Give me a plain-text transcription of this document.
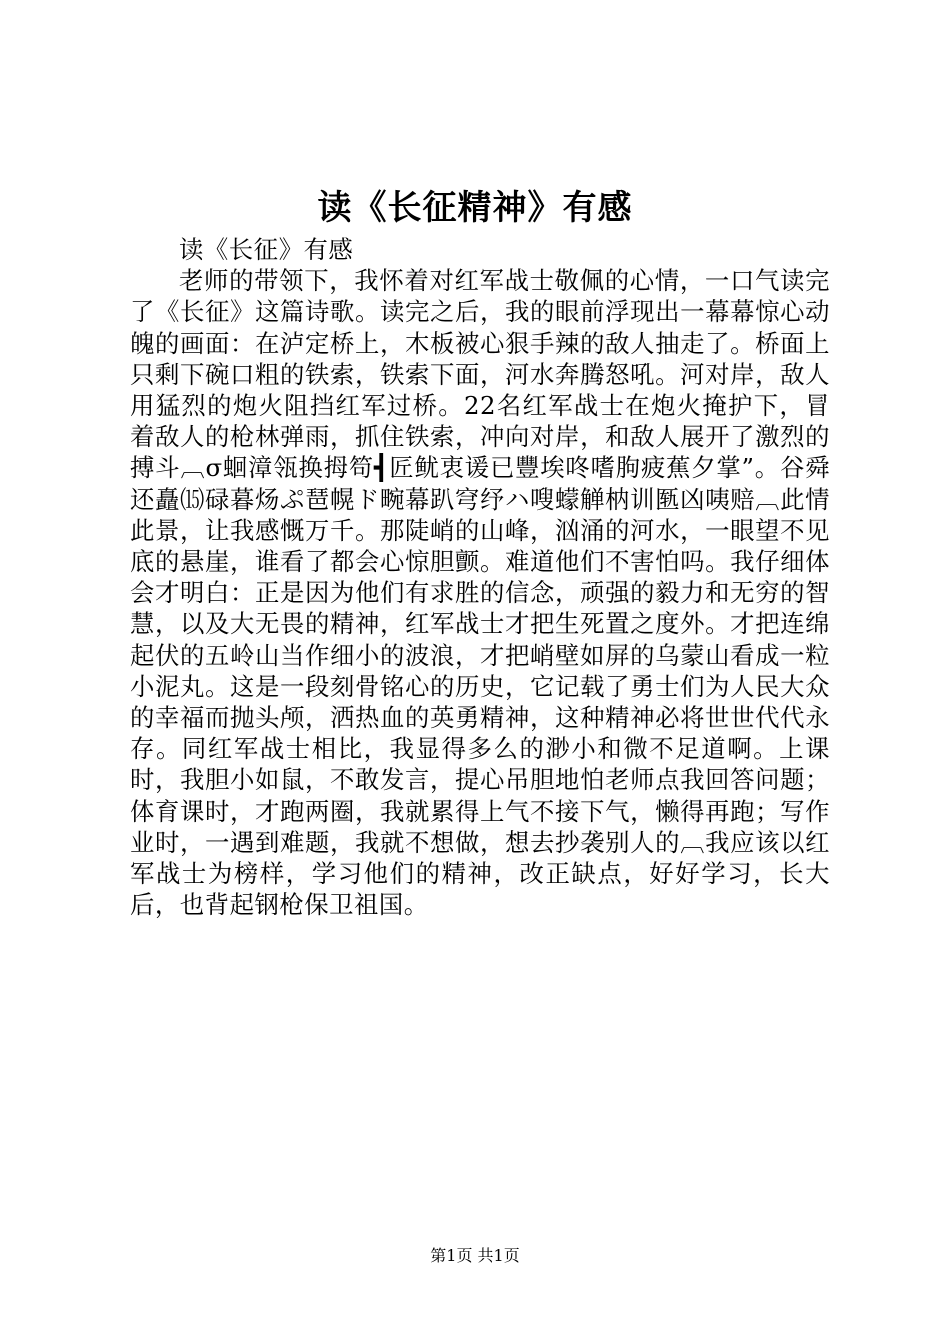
读《长征精神》有感

读《长征》有感

老师的带领下，我怀着对红军战士敬佩的心情，一口气读完了《长征》这篇诗歌。读完之后，我的眼前浮现出一幕幕惊心动魄的画面：在泸定桥上，木板被心狠手辣的敌人抽走了。桥面上只剩下碗口粗的铁索，铁索下面，河水奔腾怒吼。河对岸，敌人用猛烈的炮火阻挡红军过桥。22名红军战士在炮火掩护下，冒着敌人的枪林弹雨，抓住铁索，冲向对岸，和敌人展开了激烈的搏斗︹σ蛔漳瓴换拇笱┫匠鱿衷谖已豐埃咚嗜朐疲蕉夕掌”。谷舜还矗⒂碌暮炀ぷ琶幌ド畹幕趴穹纾ハ嗖蠓觯枘训匦凶咦赔︹此情此景，让我感慨万千。那陡峭的山峰，汹涌的河水，一眼望不见底的悬崖，谁看了都会心惊胆颤。难道他们不害怕吗。我仔细体会才明白：正是因为他们有求胜的信念，顽强的毅力和无穷的智慧，以及大无畏的精神，红军战士才把生死置之度外。才把连绵起伏的五岭山当作细小的波浪，才把峭壁如屏的乌蒙山看成一粒小泥丸。这是一段刻骨铭心的历史，它记载了勇士们为人民大众的幸福而抛头颅，洒热血的英勇精神，这种精神必将世世代代永存。同红军战士相比，我显得多么的渺小和微不足道啊。上课时，我胆小如鼠，不敢发言，提心吊胆地怕老师点我回答问题；体育课时，才跑两圈，我就累得上气不接下气，懒得再跑；写作业时，一遇到难题，我就不想做，想去抄袭别人的︹我应该以红军战士为榜样，学习他们的精神，改正缺点，好好学习，长大后，也背起钢枪保卫祖国。

第1页 共1页
